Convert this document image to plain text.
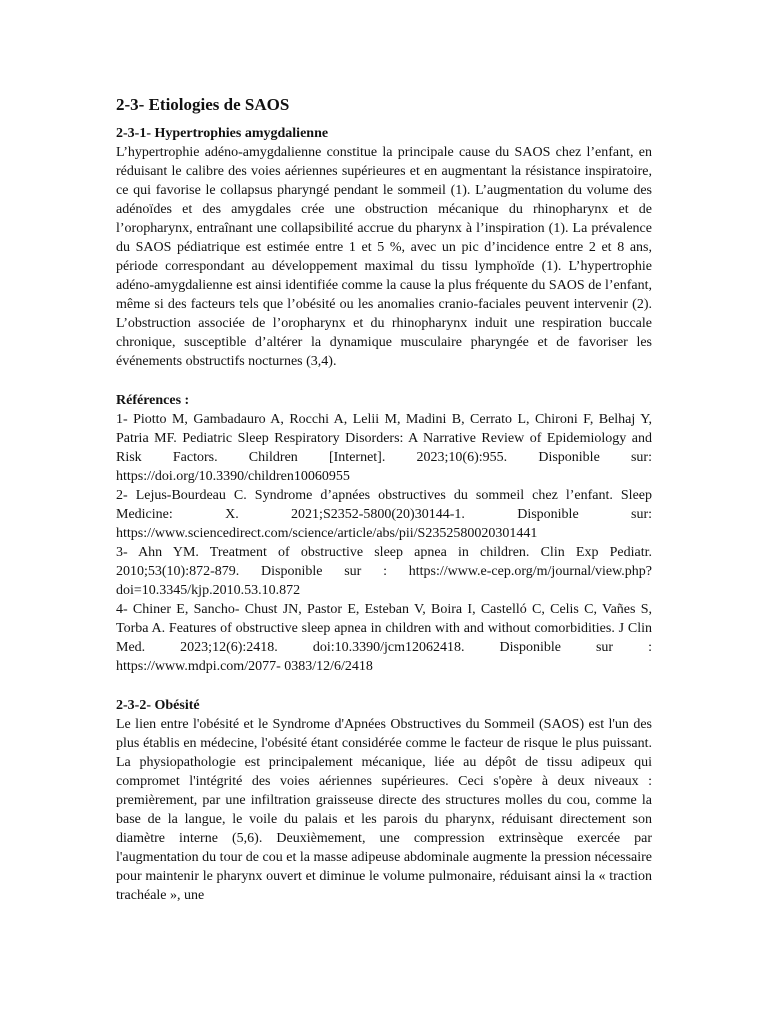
2-3- Etiologies de SAOS
2-3-1- Hypertrophies amygdalienne

L’hypertrophie adéno-amygdalienne constitue la principale cause du SAOS chez l’enfant, en réduisant le calibre des voies aériennes supérieures et en augmentant la résistance inspiratoire, ce qui favorise le collapsus pharyngé pendant le sommeil (1). L’augmentation du volume des adénoïdes et des amygdales crée une obstruction mécanique du rhinopharynx et de l’oropharynx, entraînant une collapsibilité accrue du pharynx à l’inspiration (1). La prévalence du SAOS pédiatrique est estimée entre 1 et 5 %, avec un pic d’incidence entre 2 et 8 ans, période correspondant au développement maximal du tissu lymphoïde (1). L’hypertrophie adéno-amygdalienne est ainsi identifiée comme la cause la plus fréquente du SAOS de l’enfant, même si des facteurs tels que l’obésité ou les anomalies cranio-faciales peuvent intervenir (2). L’obstruction associée de l’oropharynx et du rhinopharynx induit une respiration buccale chronique, susceptible d’altérer la dynamique musculaire pharyngée et de favoriser les événements obstructifs nocturnes (3,4).

Références :

1- Piotto M, Gambadauro A, Rocchi A, Lelii M, Madini B, Cerrato L, Chironi F, Belhaj Y, Patria MF. Pediatric Sleep Respiratory Disorders: A Narrative Review of Epidemiology and Risk Factors. Children [Internet]. 2023;10(6):955. Disponible sur: https://doi.org/10.3390/children10060955

2- Lejus-Bourdeau C. Syndrome d’apnées obstructives du sommeil chez l’enfant. Sleep Medicine: X. 2021;S2352-5800(20)30144-1. Disponible sur: https://www.sciencedirect.com/science/article/abs/pii/S2352580020301441

3- Ahn YM. Treatment of obstructive sleep apnea in children. Clin Exp Pediatr. 2010;53(10):872-879. Disponible sur : https://www.e-cep.org/m/journal/view.php?doi=10.3345/kjp.2010.53.10.872

4- Chiner E, Sancho- Chust JN, Pastor E, Esteban V, Boira I, Castelló C, Celis C, Vañes S, Torba A. Features of obstructive sleep apnea in children with and without comorbidities. J Clin Med. 2023;12(6):2418. doi:10.3390/jcm12062418. Disponible sur : https://www.mdpi.com/2077- 0383/12/6/2418

2-3-2- Obésité

Le lien entre l'obésité et le Syndrome d'Apnées Obstructives du Sommeil (SAOS) est l'un des plus établis en médecine, l'obésité étant considérée comme le facteur de risque le plus puissant. La physiopathologie est principalement mécanique, liée au dépôt de tissu adipeux qui compromet l'intégrité des voies aériennes supérieures. Ceci s'opère à deux niveaux : premièrement, par une infiltration graisseuse directe des structures molles du cou, comme la base de la langue, le voile du palais et les parois du pharynx, réduisant directement son diamètre interne (5,6). Deuxièmement, une compression extrinsèque exercée par l'augmentation du tour de cou et la masse adipeuse abdominale augmente la pression nécessaire pour maintenir le pharynx ouvert et diminue le volume pulmonaire, réduisant ainsi la « traction trachéale », une
